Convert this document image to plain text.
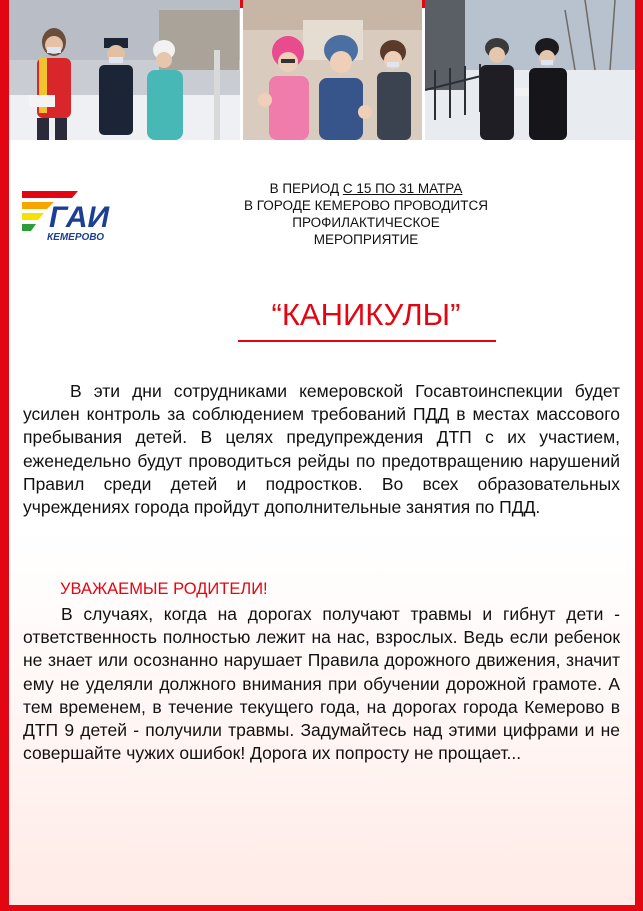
ГАИ
КЕМЕРОВО
В ПЕРИОД С 15 ПО 31 МАТРА
В ГОРОДЕ КЕМЕРОВО ПРОВОДИТСЯ
ПРОФИЛАКТИЧЕСКОЕ
МЕРОПРИЯТИЕ
“КАНИКУЛЫ”
В эти дни сотрудниками кемеровской Госавтоинспекции будет усилен контроль за соблюдением требований ПДД в местах массового пребывания детей. В целях предупреждения ДТП с их участием, еженедельно будут проводиться рейды по предотвращению нарушений Правил среди детей и подростков. Во всех образовательных учреждениях города пройдут дополнительные занятия по ПДД.
УВАЖАЕМЫЕ РОДИТЕЛИ!
В случаях, когда на дорогах получают травмы и гибнут дети - ответственность полностью лежит на нас, взрослых. Ведь если ребенок не знает или осознанно нарушает Правила дорожного движения, значит ему не уделяли должного внимания при обучении дорожной грамоте. А тем временем, в течение текущего года, на дорогах города Кемерово в ДТП 9 детей - получили травмы. Задумайтесь над этими цифрами и не совершайте чужих ошибок! Дорога их попросту не прощает...
